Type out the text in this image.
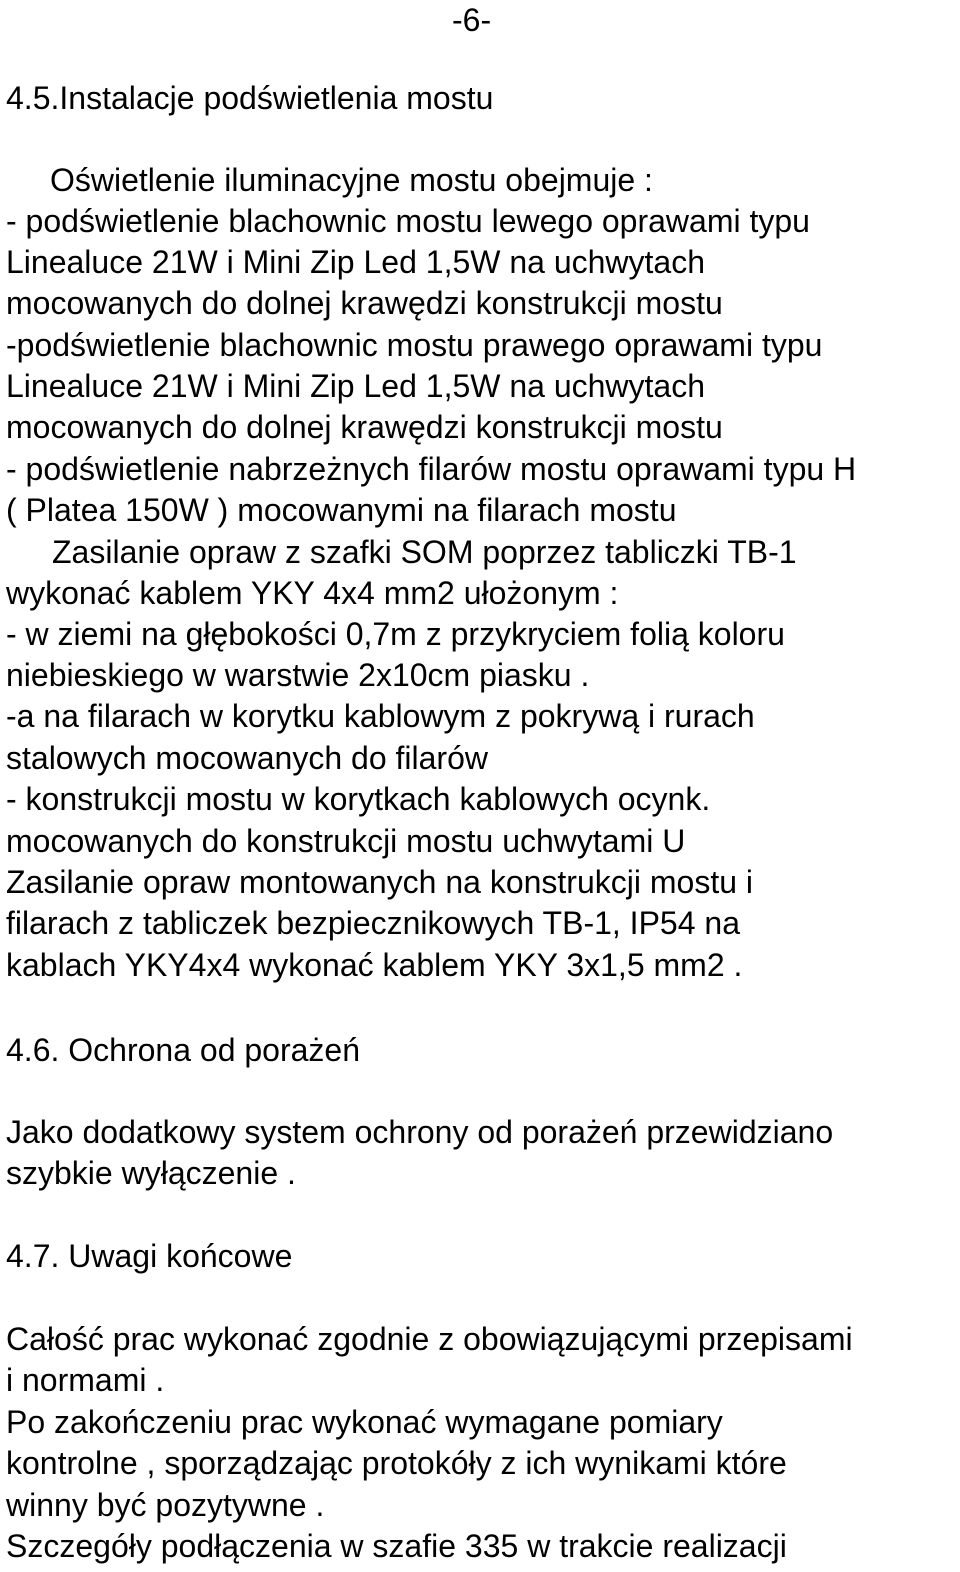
-6-
4.5.Instalacje podświetlenia mostu

Oświetlenie iluminacyjne mostu obejmuje :

- podświetlenie blachownic mostu lewego oprawami typu

Linealuce 21W i Mini Zip Led 1,5W na uchwytach

mocowanych do dolnej krawędzi konstrukcji mostu

-podświetlenie blachownic mostu prawego oprawami typu

Linealuce 21W i Mini Zip Led 1,5W na uchwytach

mocowanych do dolnej krawędzi konstrukcji mostu

- podświetlenie nabrzeżnych filarów mostu oprawami typu H

( Platea 150W ) mocowanymi na filarach mostu

Zasilanie opraw z szafki SOM poprzez tabliczki TB-1

wykonać kablem YKY 4x4 mm2 ułożonym :

- w ziemi na głębokości 0,7m z przykryciem folią koloru

niebieskiego w warstwie 2x10cm piasku .

-a na filarach w korytku kablowym z pokrywą i rurach

stalowych mocowanych do filarów

- konstrukcji mostu w korytkach kablowych ocynk.

mocowanych do konstrukcji mostu uchwytami U

Zasilanie opraw montowanych na konstrukcji mostu i

filarach z tabliczek bezpiecznikowych TB-1, IP54 na

kablach YKY4x4 wykonać kablem YKY 3x1,5 mm2 .

4.6. Ochrona od porażeń

Jako dodatkowy system ochrony od porażeń przewidziano

szybkie wyłączenie .

4.7. Uwagi końcowe

Całość prac wykonać zgodnie z obowiązującymi przepisami

i normami .

Po zakończeniu prac wykonać wymagane pomiary

kontrolne , sporządzając protokóły z ich wynikami które

winny być pozytywne .

Szczegóły podłączenia w szafie 335 w trakcie realizacji
